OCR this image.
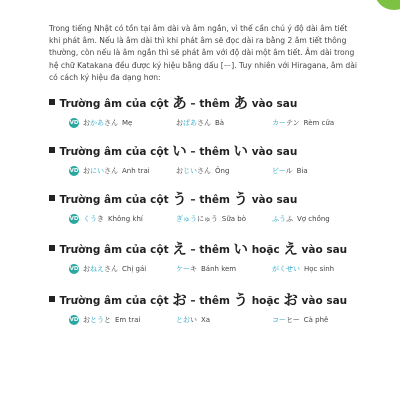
Trong tiếng Nhật có tồn tại âm dài và âm ngắn, vì thế cần chú ý độ dài âm tiết khi phát âm. Nếu là âm dài thì khi phát âm sẽ đọc dài ra bằng 2 âm tiết thông thường, còn nếu là âm ngắn thì sẽ phát âm với độ dài một âm tiết. Âm dài trong hệ chữ Katakana đều được ký hiệu bằng dấu [ー]. Tuy nhiên với Hiragana, âm dài có cách ký hiệu đa dạng hơn:

Trường âm của cột あ – thêm あ vào sau
VD おかあさん Mẹ	おばあさん Bà	カーテン Rèm cửa
Trường âm của cột い – thêm い vào sau
VD おにいさん Anh trai	おじいさん Ông	ビール Bia
Trường âm của cột う – thêm う vào sau
VD くうき Không khí	ぎゅうにゅう Sữa bò	ふうふ Vợ chồng
Trường âm của cột え – thêm い hoặc え vào sau
VD おねえさん Chị gái	ケーキ Bánh kem	がくせい Học sinh
Trường âm của cột お – thêm う hoặc お vào sau
VD おとうと Em trai	とおい Xa	コーヒー Cà phê
